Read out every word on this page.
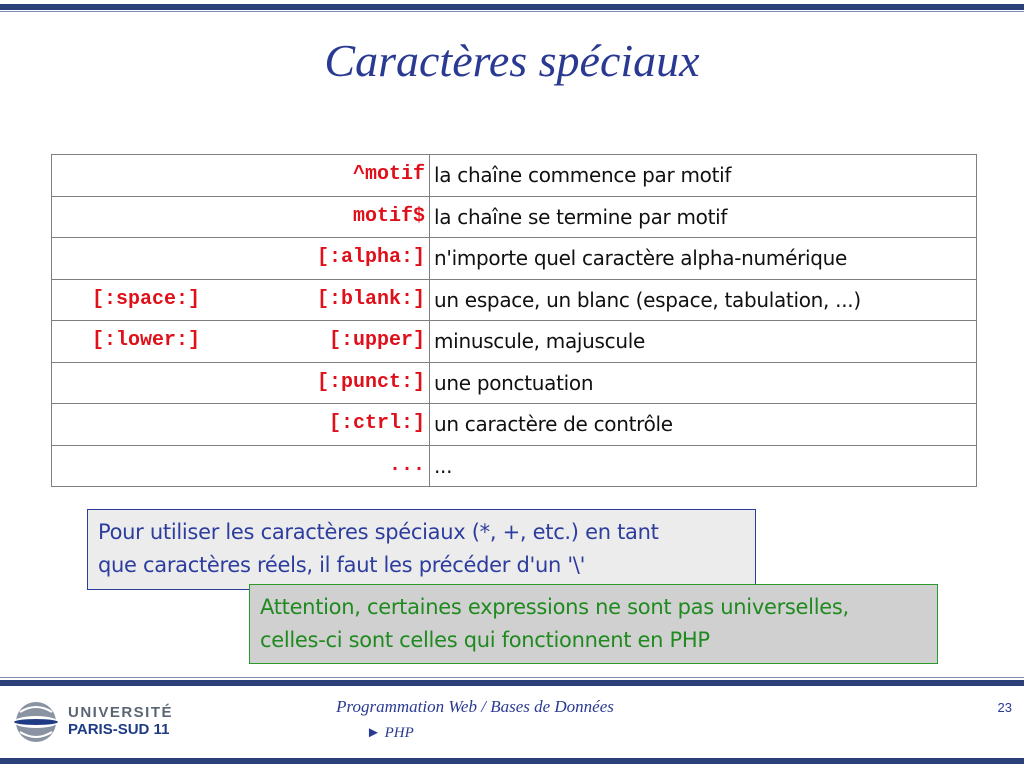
Caractères spéciaux
^motif	la chaîne commence par motif

motif$	la chaîne se termine par motif

[:alpha:]	n'importe quel caractère alpha-numérique

[:space:] [:blank:]	un espace, un blanc (espace, tabulation, ...)

[:lower:] [:upper]	minuscule, majuscule

[:punct:]	une ponctuation

[:ctrl:]	un caractère de contrôle

...	...
Pour utiliser les caractères spéciaux (*, +, etc.) en tant
que caractères réels, il faut les précéder d'un '\'
Attention, certaines expressions ne sont pas universelles,
celles-ci sont celles qui fonctionnent en PHP
UNIVERSITÉ
PARIS-SUD 11
Programmation Web / Bases de Données
► PHP
23
